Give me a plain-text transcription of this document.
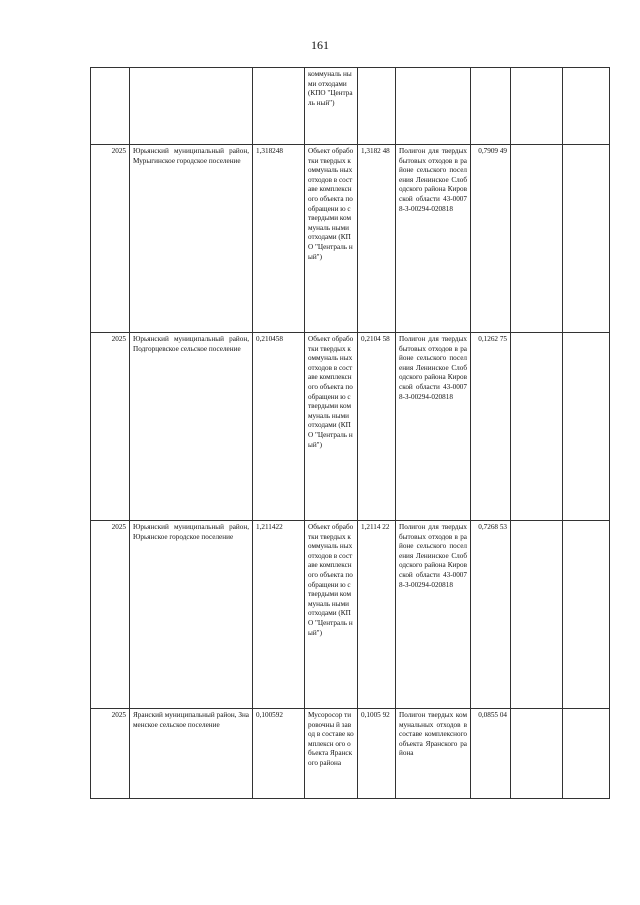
161
			коммуналь ными отходами (КПО "Централь ный")					
2025	Юрьянский муниципальный район, Мурыгинское городское поселение	1,318248	Объект обработки твердых коммуналь ных отходов в составе комплексн ого объекта по обращени ю с твердыми коммуналь ными отходами (КПО "Централь ный")	1,3182 48	Полигон для твердых бытовых отходов в районе сельского поселения Ленинское Слободского района Кировской области 43-00078-З-00294-020818	0,7909 49		
2025	Юрьянский муниципальный район, Подгорцевское сельское поселение	0,210458	Объект обработки твердых коммуналь ных отходов в составе комплексн ого объекта по обращени ю с твердыми коммуналь ными отходами (КПО "Централь ный")	0,2104 58	Полигон для твердых бытовых отходов в районе сельского поселения Ленинское Слободского района Кировской области 43-00078-З-00294-020818	0,1262 75		
2025	Юрьянский муниципальный район, Юрьянское городское поселение	1,211422	Объект обработки твердых коммуналь ных отходов в составе комплексн ого объекта по обращени ю с твердыми коммуналь ными отходами (КПО "Централь ный")	1,2114 22	Полигон для твердых бытовых отходов в районе сельского поселения Ленинское Слободского района Кировской области 43-00078-З-00294-020818	0,7268 53		
2025	Яранский муниципальный район, Знаменское сельское поселение	0,100592	Мусоросор тировочны й завод в составе комплексн ого объекта Яранского района	0,1005 92	Полигон твердых коммунальных отходов в составе комплексного объекта Яранского района	0,0855 04		
